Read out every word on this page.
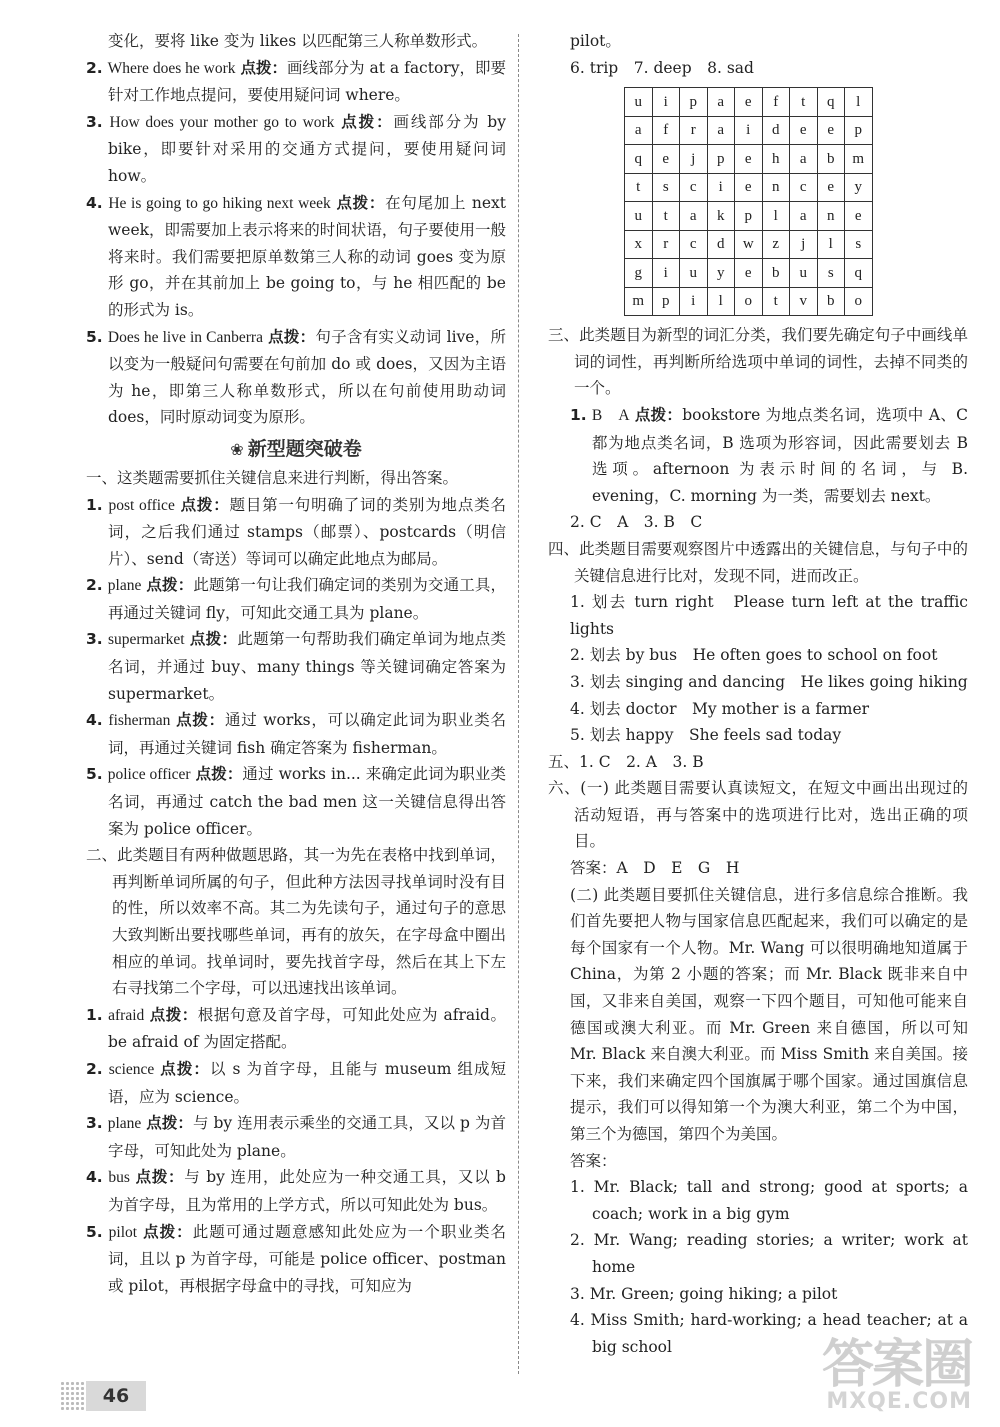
变化，要将 like 变为 likes 以匹配第三人称单数形式。

2. Where does he work 点拨：画线部分为 at a factory，即要针对工作地点提问，要使用疑问词 where。

3. How does your mother go to work 点拨：画线部分为 by bike，即要针对采用的交通方式提问，要使用疑问词 how。

4. He is going to go hiking next week 点拨：在句尾加上 next week，即需要加上表示将来的时间状语，句子要使用一般将来时。我们需要把原单数第三人称的动词 goes 变为原形 go，并在其前加上 be going to，与 he 相匹配的 be 的形式为 is。

5. Does he live in Canberra 点拨：句子含有实义动词 live，所以变为一般疑问句需要在句前加 do 或 does，又因为主语为 he，即第三人称单数形式，所以在句前使用助动词 does，同时原动词变为原形。

❀ 新型题突破卷

一、这类题需要抓住关键信息来进行判断，得出答案。

1. post office 点拨：题目第一句明确了词的类别为地点类名词，之后我们通过 stamps（邮票）、postcards（明信片）、send（寄送）等词可以确定此地点为邮局。

2. plane 点拨：此题第一句让我们确定词的类别为交通工具，再通过关键词 fly，可知此交通工具为 plane。

3. supermarket 点拨：此题第一句帮助我们确定单词为地点类名词，并通过 buy、many things 等关键词确定答案为 supermarket。

4. fisherman 点拨：通过 works，可以确定此词为职业类名词，再通过关键词 fish 确定答案为 fisherman。

5. police officer 点拨：通过 works in... 来确定此词为职业类名词，再通过 catch the bad men 这一关键信息得出答案为 police officer。

二、此类题目有两种做题思路，其一为先在表格中找到单词，再判断单词所属的句子，但此种方法因寻找单词时没有目的性，所以效率不高。其二为先读句子，通过句子的意思大致判断出要找哪些单词，再有的放矢，在字母盒中圈出相应的单词。找单词时，要先找首字母，然后在其上下左右寻找第二个字母，可以迅速找出该单词。

1. afraid 点拨：根据句意及首字母，可知此处应为 afraid。be afraid of 为固定搭配。

2. science 点拨：以 s 为首字母，且能与 museum 组成短语，应为 science。

3. plane 点拨：与 by 连用表示乘坐的交通工具，又以 p 为首字母，可知此处为 plane。

4. bus 点拨：与 by 连用，此处应为一种交通工具，又以 b 为首字母，且为常用的上学方式，所以可知此处为 bus。

5. pilot 点拨：此题可通过题意感知此处应为一个职业类名词，且以 p 为首字母，可能是 police officer、postman 或 pilot，再根据字母盒中的寻找，可知应为

pilot。

6. trip　7. deep　8. sad

u	i	p	a	e	f	t	q	l
a	f	r	a	i	d	e	e	p
q	e	j	p	e	h	a	b	m
t	s	c	i	e	n	c	e	y
u	t	a	k	p	l	a	n	e
x	r	c	d	w	z	j	l	s
g	i	u	y	e	b	u	s	q
m	p	i	l	o	t	v	b	o

三、此类题目为新型的词汇分类，我们要先确定句子中画线单词的词性，再判断所给选项中单词的词性，去掉不同类的一个。

1. B　A 点拨：bookstore 为地点类名词，选项中 A、C 都为地点类名词，B 选项为形容词，因此需要划去 B 选项。afternoon 为表示时间的名词，与 B. evening，C. morning 为一类，需要划去 next。

2. C　A　3. B　C

四、此类题目需要观察图片中透露出的关键信息，与句子中的关键信息进行比对，发现不同，进而改正。

1. 划去 turn right　Please turn left at the traffic lights

2. 划去 by bus　He often goes to school on foot

3. 划去 singing and dancing　He likes going hiking

4. 划去 doctor　My mother is a farmer

5. 划去 happy　She feels sad today

五、1. C　2. A　3. B

六、(一) 此类题目需要认真读短文，在短文中画出出现过的活动短语，再与答案中的选项进行比对，选出正确的项目。

答案：A　D　E　G　H

(二) 此类题目要抓住关键信息，进行多信息综合推断。我们首先要把人物与国家信息匹配起来，我们可以确定的是每个国家有一个人物。Mr. Wang 可以很明确地知道属于 China，为第 2 小题的答案；而 Mr. Black 既非来自中国，又非来自美国，观察一下四个题目，可知他可能来自德国或澳大利亚。而 Mr. Green 来自德国，所以可知 Mr. Black 来自澳大利亚。而 Miss Smith 来自美国。接下来，我们来确定四个国旗属于哪个国家。通过国旗信息提示，我们可以得知第一个为澳大利亚，第二个为中国，第三个为德国，第四个为美国。

答案：

1. Mr. Black; tall and strong; good at sports; a coach; work in a big gym

2. Mr. Wang; reading stories; a writer; work at home

3. Mr. Green; going hiking; a pilot

4. Miss Smith; hard-working; a head teacher; at a big school

46
答案圈
MXQE.COM
